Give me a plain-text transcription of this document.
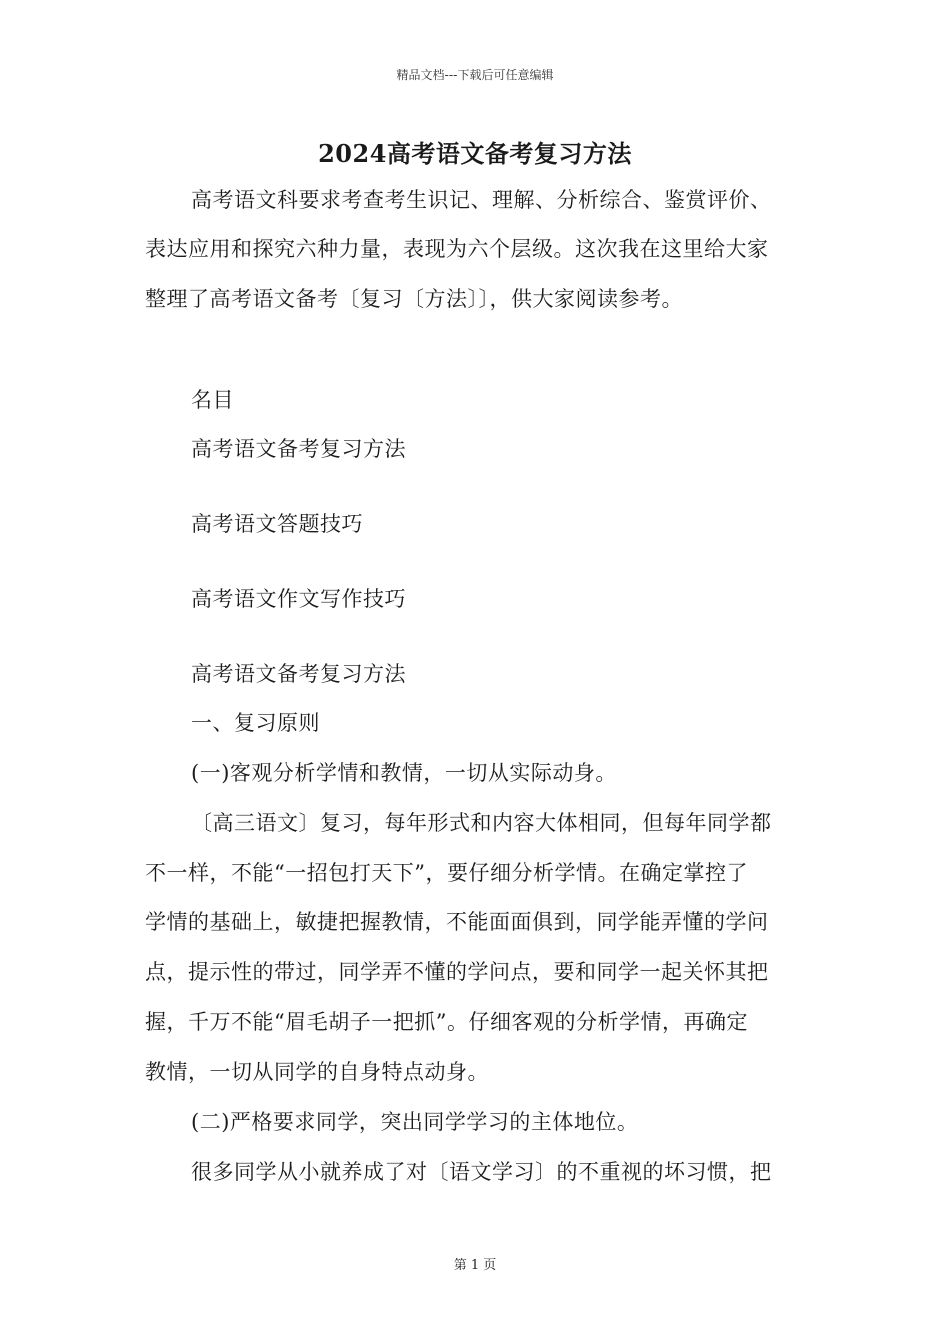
精品文档---下载后可任意编辑
2024高考语文备考复习方法
高考语文科要求考查考生识记、理解、分析综合、鉴赏评价、
表达应用和探究六种力量，表现为六个层级。这次我在这里给大家
整理了高考语文备考〔复习〔方法〕〕，供大家阅读参考。
名目
高考语文备考复习方法
高考语文答题技巧
高考语文作文写作技巧
高考语文备考复习方法
一、复习原则
(一)客观分析学情和教情，一切从实际动身。
〔高三语文〕复习，每年形式和内容大体相同，但每年同学都
不一样，不能“一招包打天下”，要仔细分析学情。在确定掌控了
学情的基础上，敏捷把握教情，不能面面俱到，同学能弄懂的学问
点，提示性的带过，同学弄不懂的学问点，要和同学一起关怀其把
握，千万不能“眉毛胡子一把抓”。仔细客观的分析学情，再确定
教情，一切从同学的自身特点动身。
(二)严格要求同学，突出同学学习的主体地位。
很多同学从小就养成了对〔语文学习〕的不重视的坏习惯，把
第 1 页
